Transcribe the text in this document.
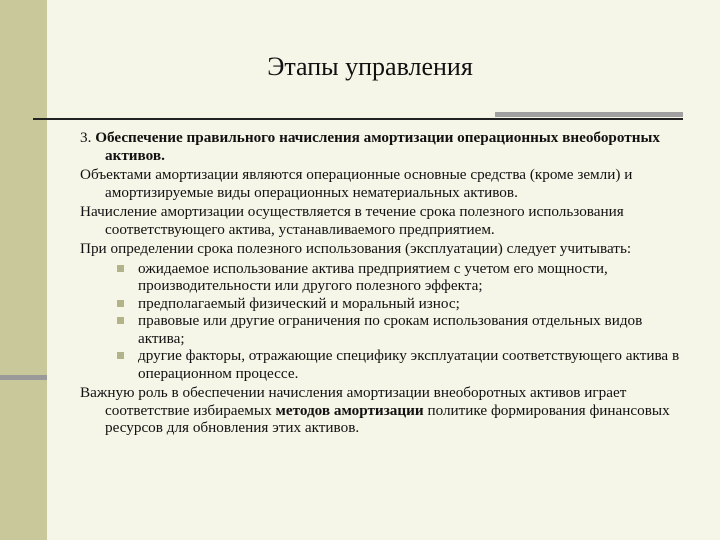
Этапы управления

3. Обеспечение правильного начисления амортизации операционных внеоборотных активов.

Объектами амортизации являются операционные основные средства (кроме земли) и амортизируемые виды операционных нематериальных активов.

Начисление амортизации осуществляется в течение срока полезного использования соответствующего актива, устанавливаемого предприятием.

При определении срока полезного использования (эксплуатации) следует учитывать:

ожидаемое использование актива предприятием с учетом его мощности, производительности или другого полезного эффекта;
предполагаемый физический и моральный износ;
правовые или другие ограничения по срокам использования отдельных видов актива;
другие факторы, отражающие специфику эксплуатации соответствующего актива в операционном процессе.

Важную роль в обеспечении начисления амортизации внеоборотных активов играет соответствие избираемых методов амортизации политике формирования финансовых ресурсов для обновления этих активов.
